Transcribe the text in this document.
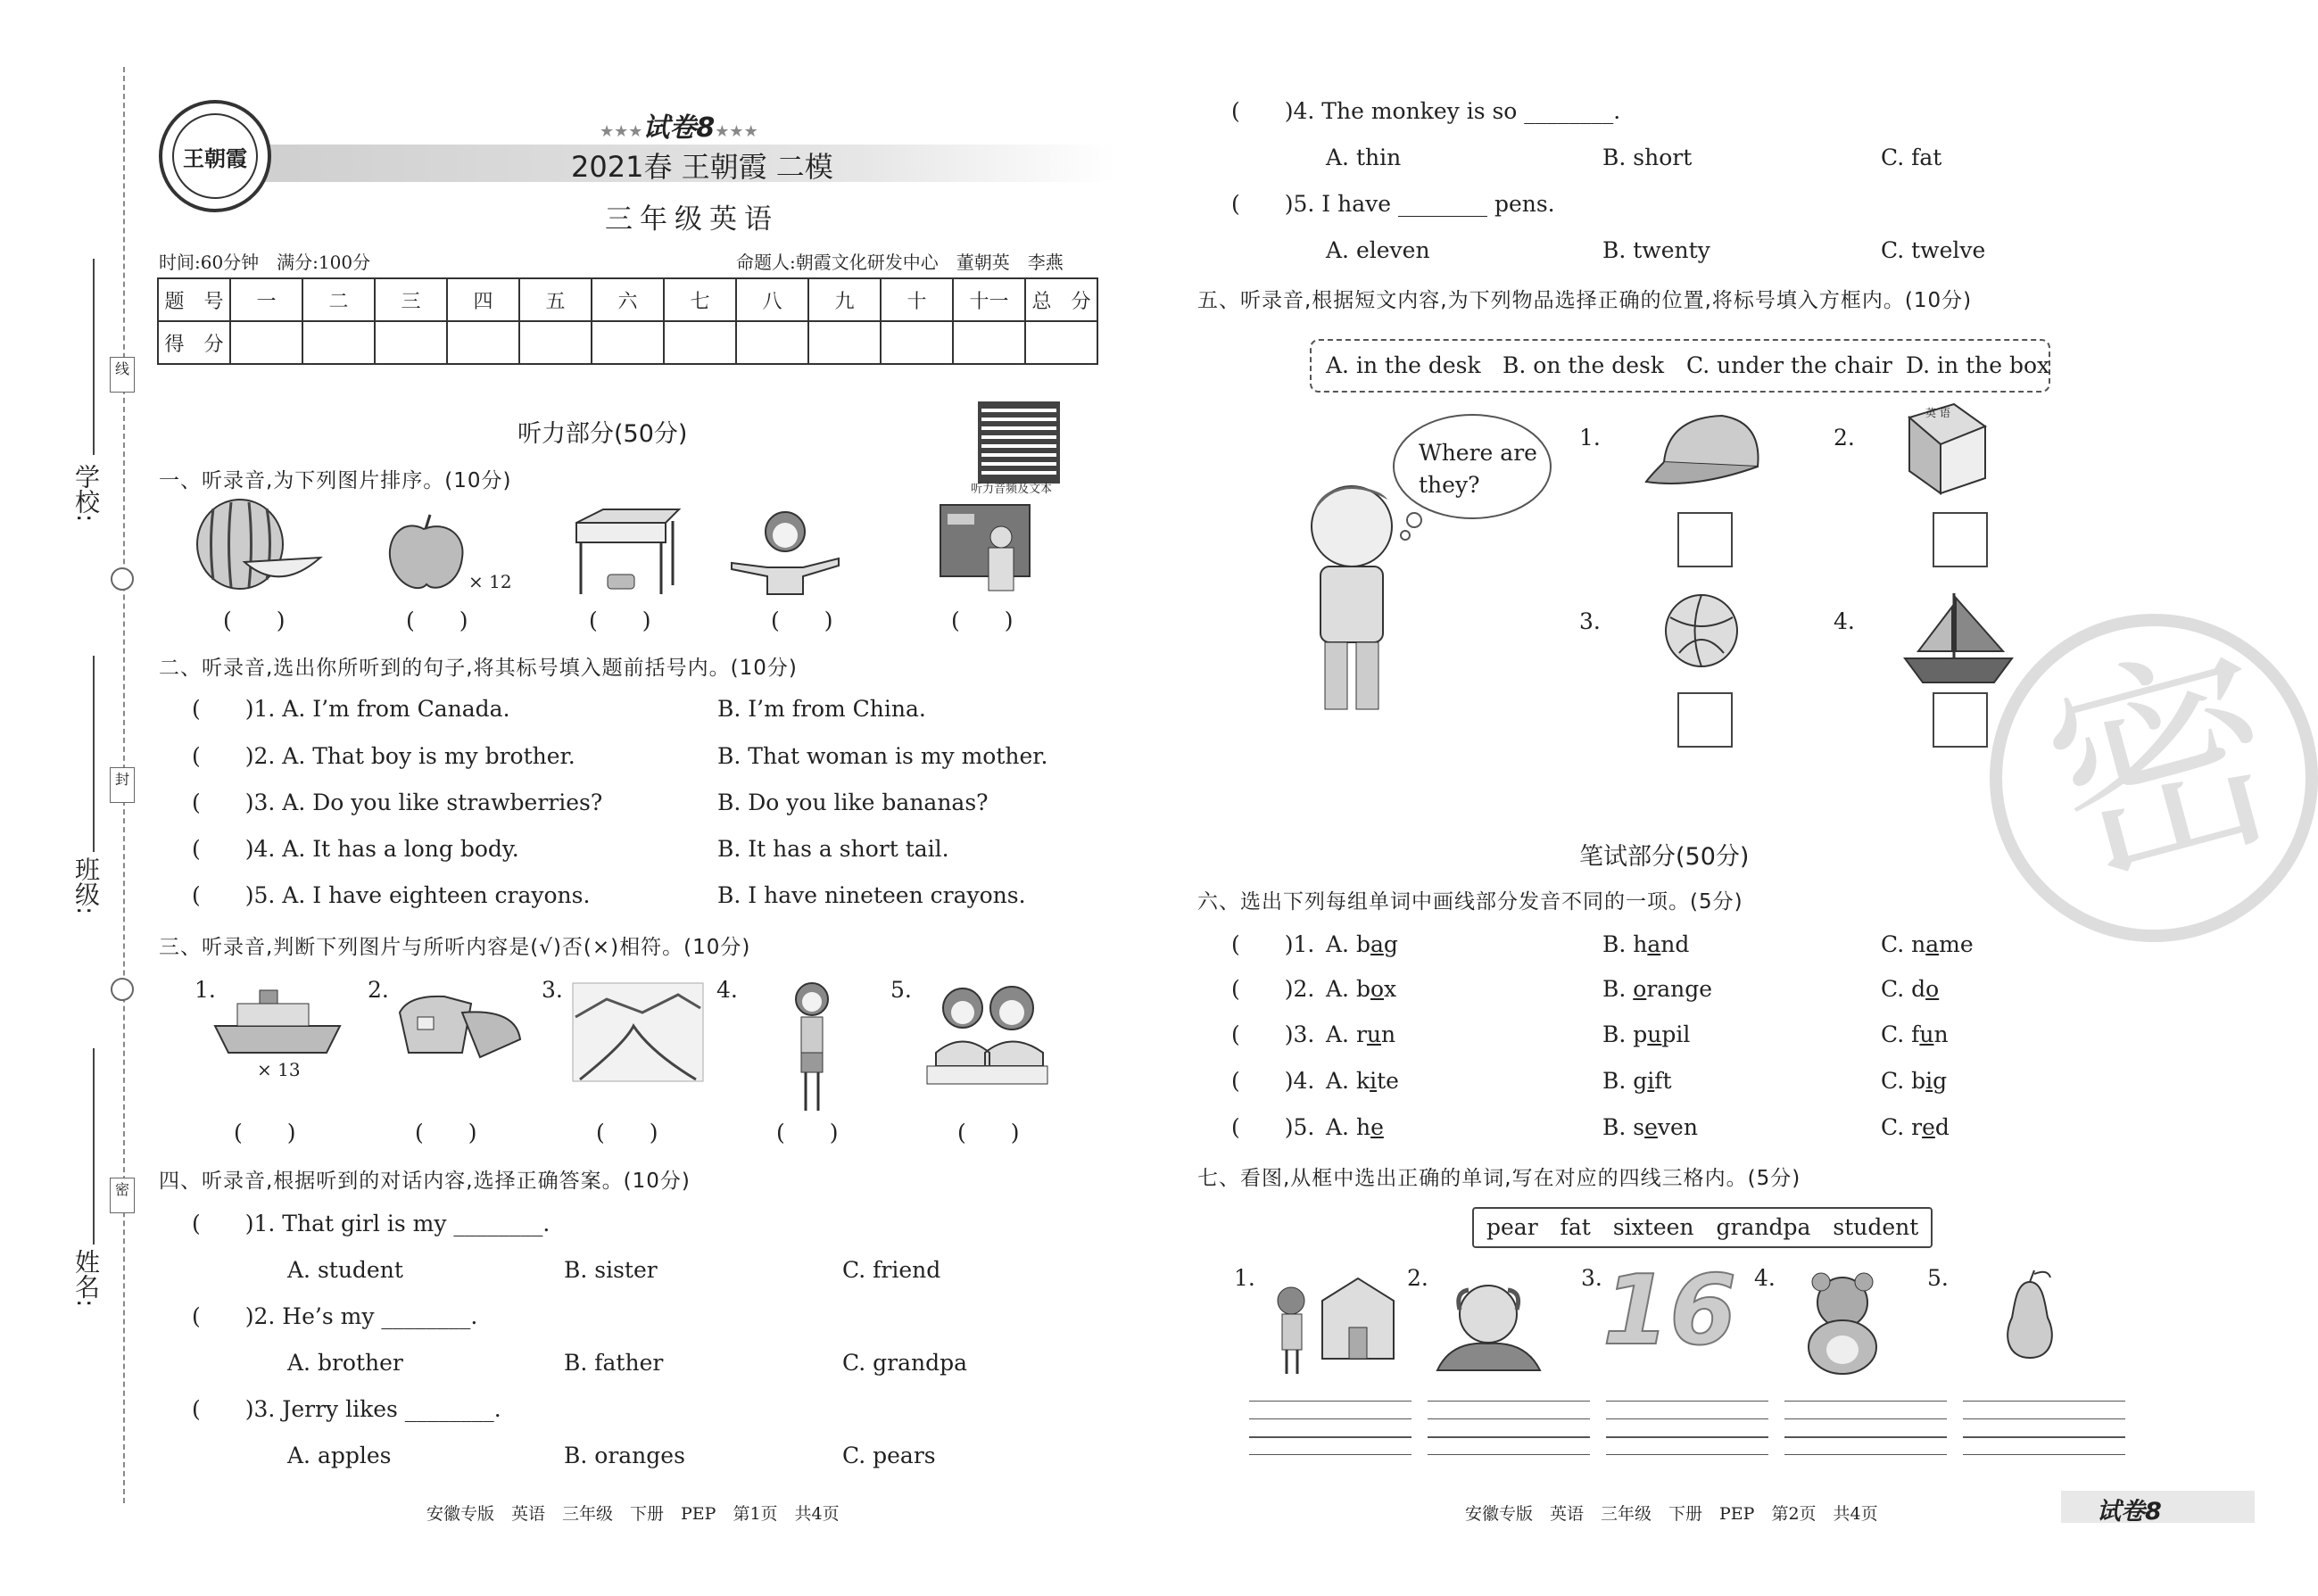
学校:
线
班级:
封
姓名:
密
王朝霞
★★★试卷8★★★
2021春 王朝霞 二模
三年级英语
时间:60分钟　满分:100分	命题人:朝霞文化研发中心　董朝英　李燕
题　号	一	二	三	四	五	六	七	八	九	十	十一	总　分
得　分												
听力部分(50分)
听力音频及文本
一、听录音,为下列图片排序。(10分)
× 12
(　　)	(　　)	(　　)	(　　)	(　　)
二、听录音,选出你所听到的句子,将其标号填入题前括号内。(10分)
(　　)1. A. I’m from Canada.	B. I’m from China.
(　　)2. A. That boy is my brother.	B. That woman is my mother.
(　　)3. A. Do you like strawberries?	B. Do you like bananas?
(　　)4. A. It has a long body.	B. It has a short tail.
(　　)5. A. I have eighteen crayons.	B. I have nineteen crayons.
三、听录音,判断下列图片与所听内容是(√)否(×)相符。(10分)
1.	2.	3.	4.	5.
× 13
(　　)	(　　)	(　　)	(　　)	(　　)
四、听录音,根据听到的对话内容,选择正确答案。(10分)
(　　)1. That girl is my ________.
A. student	B. sister	C. friend
(　　)2. He’s my ________.
A. brother	B. father	C. grandpa
(　　)3. Jerry likes ________.
A. apples	B. oranges	C. pears
安徽专版　英语　三年级　下册　PEP　第1页　共4页
(　　)4. The monkey is so ________.
A. thin	B. short	C. fat
(　　)5. I have ________ pens.
A. eleven	B. twenty	C. twelve
五、听录音,根据短文内容,为下列物品选择正确的位置,将标号填入方框内。(10分)
A. in the desk B. on the desk C. under the chair D. in the box
Where are they?
1.	2.
3.	4.
英 语
密
笔试部分(50分)
六、选出下列每组单词中画线部分发音不同的一项。(5分)
(　　)1. A. bag	B. hand	C. name
(　　)2. A. box	B. orange	C. do
(　　)3. A. run	B. pupil	C. fun
(　　)4. A. kite	B. gift	C. big
(　　)5. A. he	B. seven	C. red
七、看图,从框中选出正确的单词,写在对应的四线三格内。(5分)
pear　fat　sixteen　grandpa　student
1.	2.	3.	4.	5.
16
安徽专版　英语　三年级　下册　PEP　第2页　共4页	试卷8
